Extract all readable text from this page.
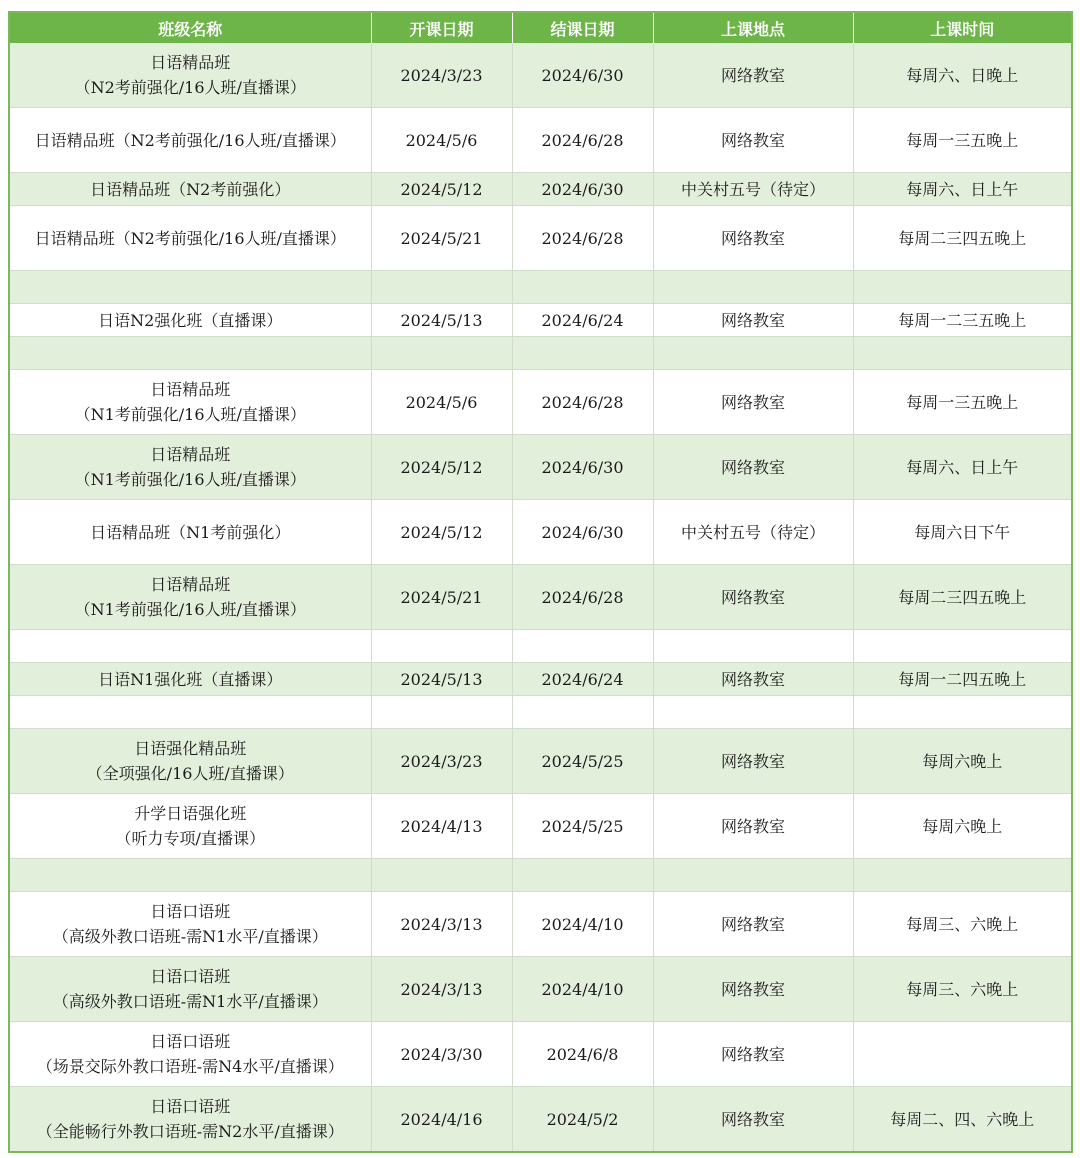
班级名称	开课日期	结课日期	上课地点	上课时间

日语精品班
（N2考前强化/16人班/直播课）	2024/3/23	2024/6/30	网络教室	每周六、日晚上

日语精品班（N2考前强化/16人班/直播课）	2024/5/6	2024/6/28	网络教室	每周一三五晚上

日语精品班（N2考前强化）	2024/5/12	2024/6/30	中关村五号（待定）	每周六、日上午

日语精品班（N2考前强化/16人班/直播课）	2024/5/21	2024/6/28	网络教室	每周二三四五晚上

日语N2强化班（直播课）	2024/5/13	2024/6/24	网络教室	每周一二三五晚上

日语精品班
（N1考前强化/16人班/直播课）	2024/5/6	2024/6/28	网络教室	每周一三五晚上

日语精品班
（N1考前强化/16人班/直播课）	2024/5/12	2024/6/30	网络教室	每周六、日上午

日语精品班（N1考前强化）	2024/5/12	2024/6/30	中关村五号（待定）	每周六日下午

日语精品班
（N1考前强化/16人班/直播课）	2024/5/21	2024/6/28	网络教室	每周二三四五晚上

日语N1强化班（直播课）	2024/5/13	2024/6/24	网络教室	每周一二四五晚上

日语强化精品班
（全项强化/16人班/直播课）	2024/3/23	2024/5/25	网络教室	每周六晚上

升学日语强化班
（听力专项/直播课）	2024/4/13	2024/5/25	网络教室	每周六晚上

日语口语班
（高级外教口语班-需N1水平/直播课）	2024/3/13	2024/4/10	网络教室	每周三、六晚上

日语口语班
（高级外教口语班-需N1水平/直播课）	2024/3/13	2024/4/10	网络教室	每周三、六晚上

日语口语班
（场景交际外教口语班-需N4水平/直播课）	2024/3/30	2024/6/8	网络教室	

日语口语班
（全能畅行外教口语班-需N2水平/直播课）	2024/4/16	2024/5/2	网络教室	每周二、四、六晚上
